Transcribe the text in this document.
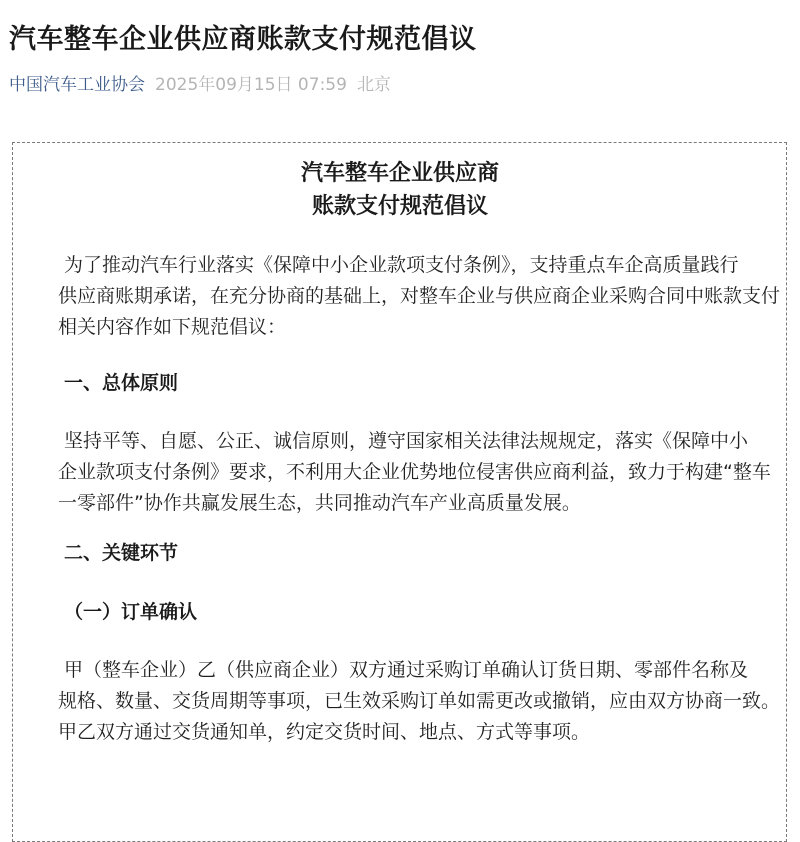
汽车整车企业供应商账款支付规范倡议
中国汽车工业协会 2025年09月15日 07:59 北京
汽车整车企业供应商
账款支付规范倡议
为了推动汽车行业落实《保障中小企业款项支付条例》，支持重点车企高质量践行
供应商账期承诺，在充分协商的基础上，对整车企业与供应商企业采购合同中账款支付
相关内容作如下规范倡议：
一、总体原则
坚持平等、自愿、公正、诚信原则，遵守国家相关法律法规规定，落实《保障中小
企业款项支付条例》要求，不利用大企业优势地位侵害供应商利益，致力于构建“整车
一零部件”协作共赢发展生态，共同推动汽车产业高质量发展。
二、关键环节
（一）订单确认
甲（整车企业）乙（供应商企业）双方通过采购订单确认订货日期、零部件名称及
规格、数量、交货周期等事项，已生效采购订单如需更改或撤销，应由双方协商一致。
甲乙双方通过交货通知单，约定交货时间、地点、方式等事项。
